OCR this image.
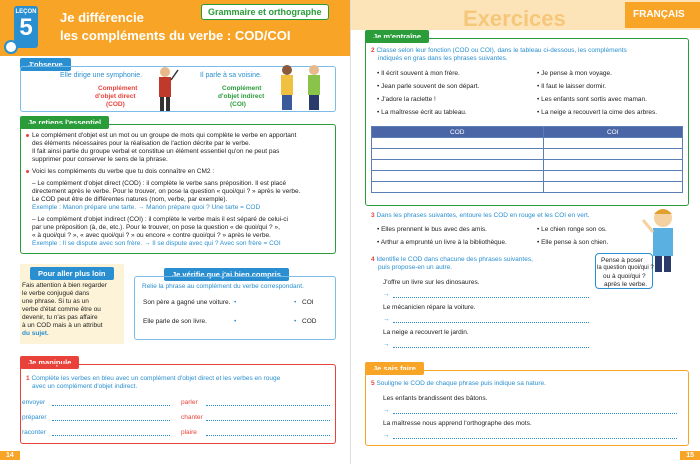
LEÇON
5	Je différencie
les compléments du verbe : COD/COI
Grammaire et orthographe
J'observe
Elle dirige une symphonie.
Complément
d'objet direct
(COD)
Il parle à sa voisine.
Complément
d'objet indirect
(COI)
Je retiens l'essentiel
Le complément d'objet est un mot ou un groupe de mots qui complète le verbe en apportant
des éléments nécessaires pour la réalisation de l'action décrite par le verbe.
Il fait ainsi partie du groupe verbal et constitue un élément essentiel qu'on ne peut pas
supprimer pour conserver le sens de la phrase.
Voici les compléments du verbe que tu dois connaître en CM2 :
– Le complément d'objet direct (COD) : il complète le verbe sans préposition. Il est placé
directement après le verbe. Pour le trouver, on pose la question « quoi/qui ? » après le verbe.
Le COD peut être de différentes natures (nom, verbe, par exemple).
Exemple : Manon prépare une tarte. → Manon prépare quoi ? Une tarte = COD
– Le complément d'objet indirect (COI) : il complète le verbe mais il est séparé de celui-ci
par une préposition (à, de, etc.). Pour le trouver, on pose la question « de quoi/qui ? »,
« à quoi/qui ? », « avec quoi/qui ? » ou encore « contre quoi/qui ? » après le verbe.
Exemple : Il se dispute avec son frère. → Il se dispute avec qui ? Avec son frère = COI
Pour aller plus loin
Fais attention à bien regarder
le verbe conjugué dans
une phrase. Si tu as un
verbe d'état comme être ou
devenir, tu n'as pas affaire
à un COD mais à un attribut
du sujet.
Je vérifie que j'ai bien compris
Relie la phrase au complément du verbe correspondant.
Son père a gagné une voiture.
Elle parle de son livre.
•
•
•
•
COI
COD
Je manipule
1 Complète les verbes en bleu avec un complément d'objet direct et les verbes en rouge
avec un complément d'objet indirect.
envoyer
préparer
raconter
parler
chanter
plaire
14
Exercices	FRANÇAIS
Je m'entraîne
2 Classe selon leur fonction (COD ou COI), dans le tableau ci-dessous, les compléments
indiqués en gras dans les phrases suivantes.
• Il écrit souvent à mon frère.
• Jean parle souvent de son départ.
• J'adore la raclette !
• La maîtresse écrit au tableau.
• Je pense à mon voyage.
• Il faut le laisser dormir.
• Les enfants sont sortis avec maman.
• La neige a recouvert la cime des arbres.
COD	COI

3 Dans les phrases suivantes, entoure les COD en rouge et les COI en vert.
• Elles prennent le bus avec des amis.
• Arthur a emprunté un livre à la bibliothèque.
• Le chien ronge son os.
• Elle pense à son chien.
4 Identifie le COD dans chacune des phrases suivantes,
puis propose-en un autre.
J'offre un livre sur les dinosaures.
→
Le mécanicien répare la voiture.
→
La neige a recouvert le jardin.
→
Pense à poser
la question quoi/qui ?
ou à quoi/qui ?
après le verbe.
Je sais faire
5 Souligne le COD de chaque phrase puis indique sa nature.
Les enfants brandissent des bâtons.
→
La maîtresse nous apprend l'orthographe des mots.
→
15
